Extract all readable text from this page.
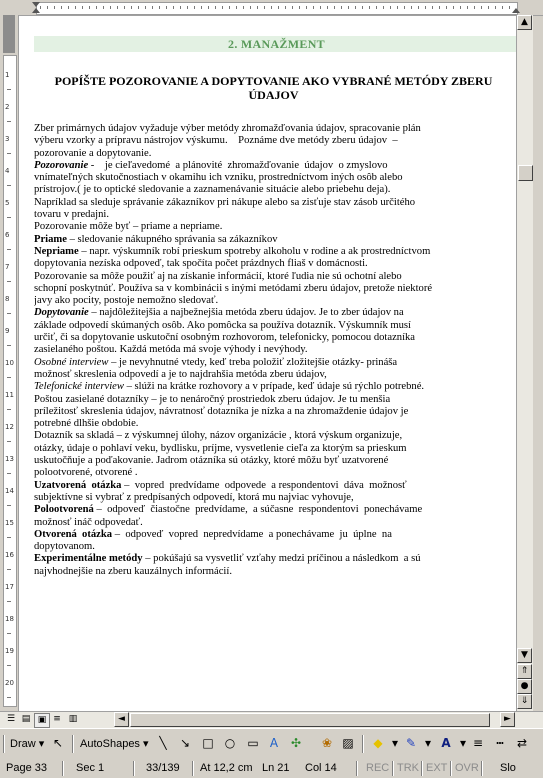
1
2
3
4
5
6
7
8
9
10
11
12
13
14
15
16
17
18
19
20
2. MANAŽMENT
POPÍŠTE POZOROVANIE A DOPYTOVANIE AKO VYBRANÉ METÓDY ZBERU
ÚDAJOV
Zber primárnych údajov vyžaduje výber metódy zhromažďovania údajov, spracovanie plán
výberu vzorky a prípravu nástrojov výskumu.    Poznáme dve metódy zberu údajov  –
pozorovanie a dopytovanie.
Pozorovanie -    je cieľavedomé  a plánovité  zhromažďovanie  údajov  o zmyslovo
vnímateľných skutočnostiach v okamihu ich vzniku, prostredníctvom iných osôb alebo
prístrojov.( je to optické sledovanie a zaznamenávanie situácie alebo priebehu deja).
Napríklad sa sleduje správanie zákazníkov pri nákupe alebo sa zisťuje stav zásob určitého
tovaru v predajni.
Pozorovanie môže byť – priame a nepriame.
Priame – sledovanie nákupného správania sa zákazníkov
Nepriame – napr. výskumník robí prieskum spotreby alkoholu v rodine a ak prostredníctvom
dopytovania nezíska odpoveď, tak spočíta počet prázdnych fliaš v domácnosti.
Pozorovanie sa môže použiť aj na získanie informácií, ktoré ľudia nie sú ochotní alebo
schopní poskytnúť. Používa sa v kombinácii s inými metódami zberu údajov, pretože niektoré
javy ako pocity, postoje nemožno sledovať.
Dopytovanie – najdôležitejšia a najbežnejšia metóda zberu údajov. Je to zber údajov na
základe odpovedí skúmaných osôb. Ako pomôcka sa používa dotazník. Výskumník musí
určiť, či sa dopytovanie uskutoční osobným rozhovorom, telefonicky, pomocou dotazníka
zasielaného poštou. Každá metóda má svoje výhody i nevýhody.
Osobné interview – je nevyhnutné vtedy, keď treba položiť zložitejšie otázky- prináša
možnosť skreslenia odpovedí a je to najdrahšia metóda zberu údajov,
Telefonické interview – slúži na krátke rozhovory a v prípade, keď údaje sú rýchlo potrebné.
Poštou zasielané dotazníky – je to nenáročný prostriedok zberu údajov. Je tu menšia
príležitosť skreslenia údajov, návratnosť dotazníka je nízka a na zhromaždenie údajov je
potrebné dlhšie obdobie.
Dotazník sa skladá – z výskumnej úlohy, názov organizácie , ktorá výskum organizuje,
otázky, údaje o pohlaví veku, bydlisku, príjme, vysvetlenie cieľa za ktorým sa prieskum
uskutočňuje a poďakovanie. Jadrom otázníka sú otázky, ktoré môžu byť uzatvorené
polootvorené, otvorené .
Uzatvorená  otázka –  vopred  predvídame  odpovede  a respondentovi  dáva  možnosť
subjektívne si vybrať z predpísaných odpovedí, ktorá mu najviac vyhovuje,
Polootvorená –  odpoveď  čiastočne  predvídame,  a súčasne  respondentovi  ponechávame
možnosť ináč odpovedať.
Otvorená  otázka –  odpoveď  vopred  nepredvídame  a ponechávame  ju  úplne  na
dopytovanom.
Experimentálne metódy – pokúšajú sa vysvetliť vzťahy medzi príčinou a následkom  a sú
najvhodnejšie na zberu kauzálnych informácií.
▲
▼
⇑
●
⇓
☰ ▤ ▣ ≡ ▥	◄	►
Draw ▾ ↖ AutoShapes ▾ ╲	↘ □ ○ ▭ A	✣ ❀ ▨ ◆ ▾ ✎ ▾ A ▾ ≡	┅	⇄
Page 33	Sec 1	33/139 At 12,2 cm Ln 21 Col 14	REC TRK EXT OVR Slo
